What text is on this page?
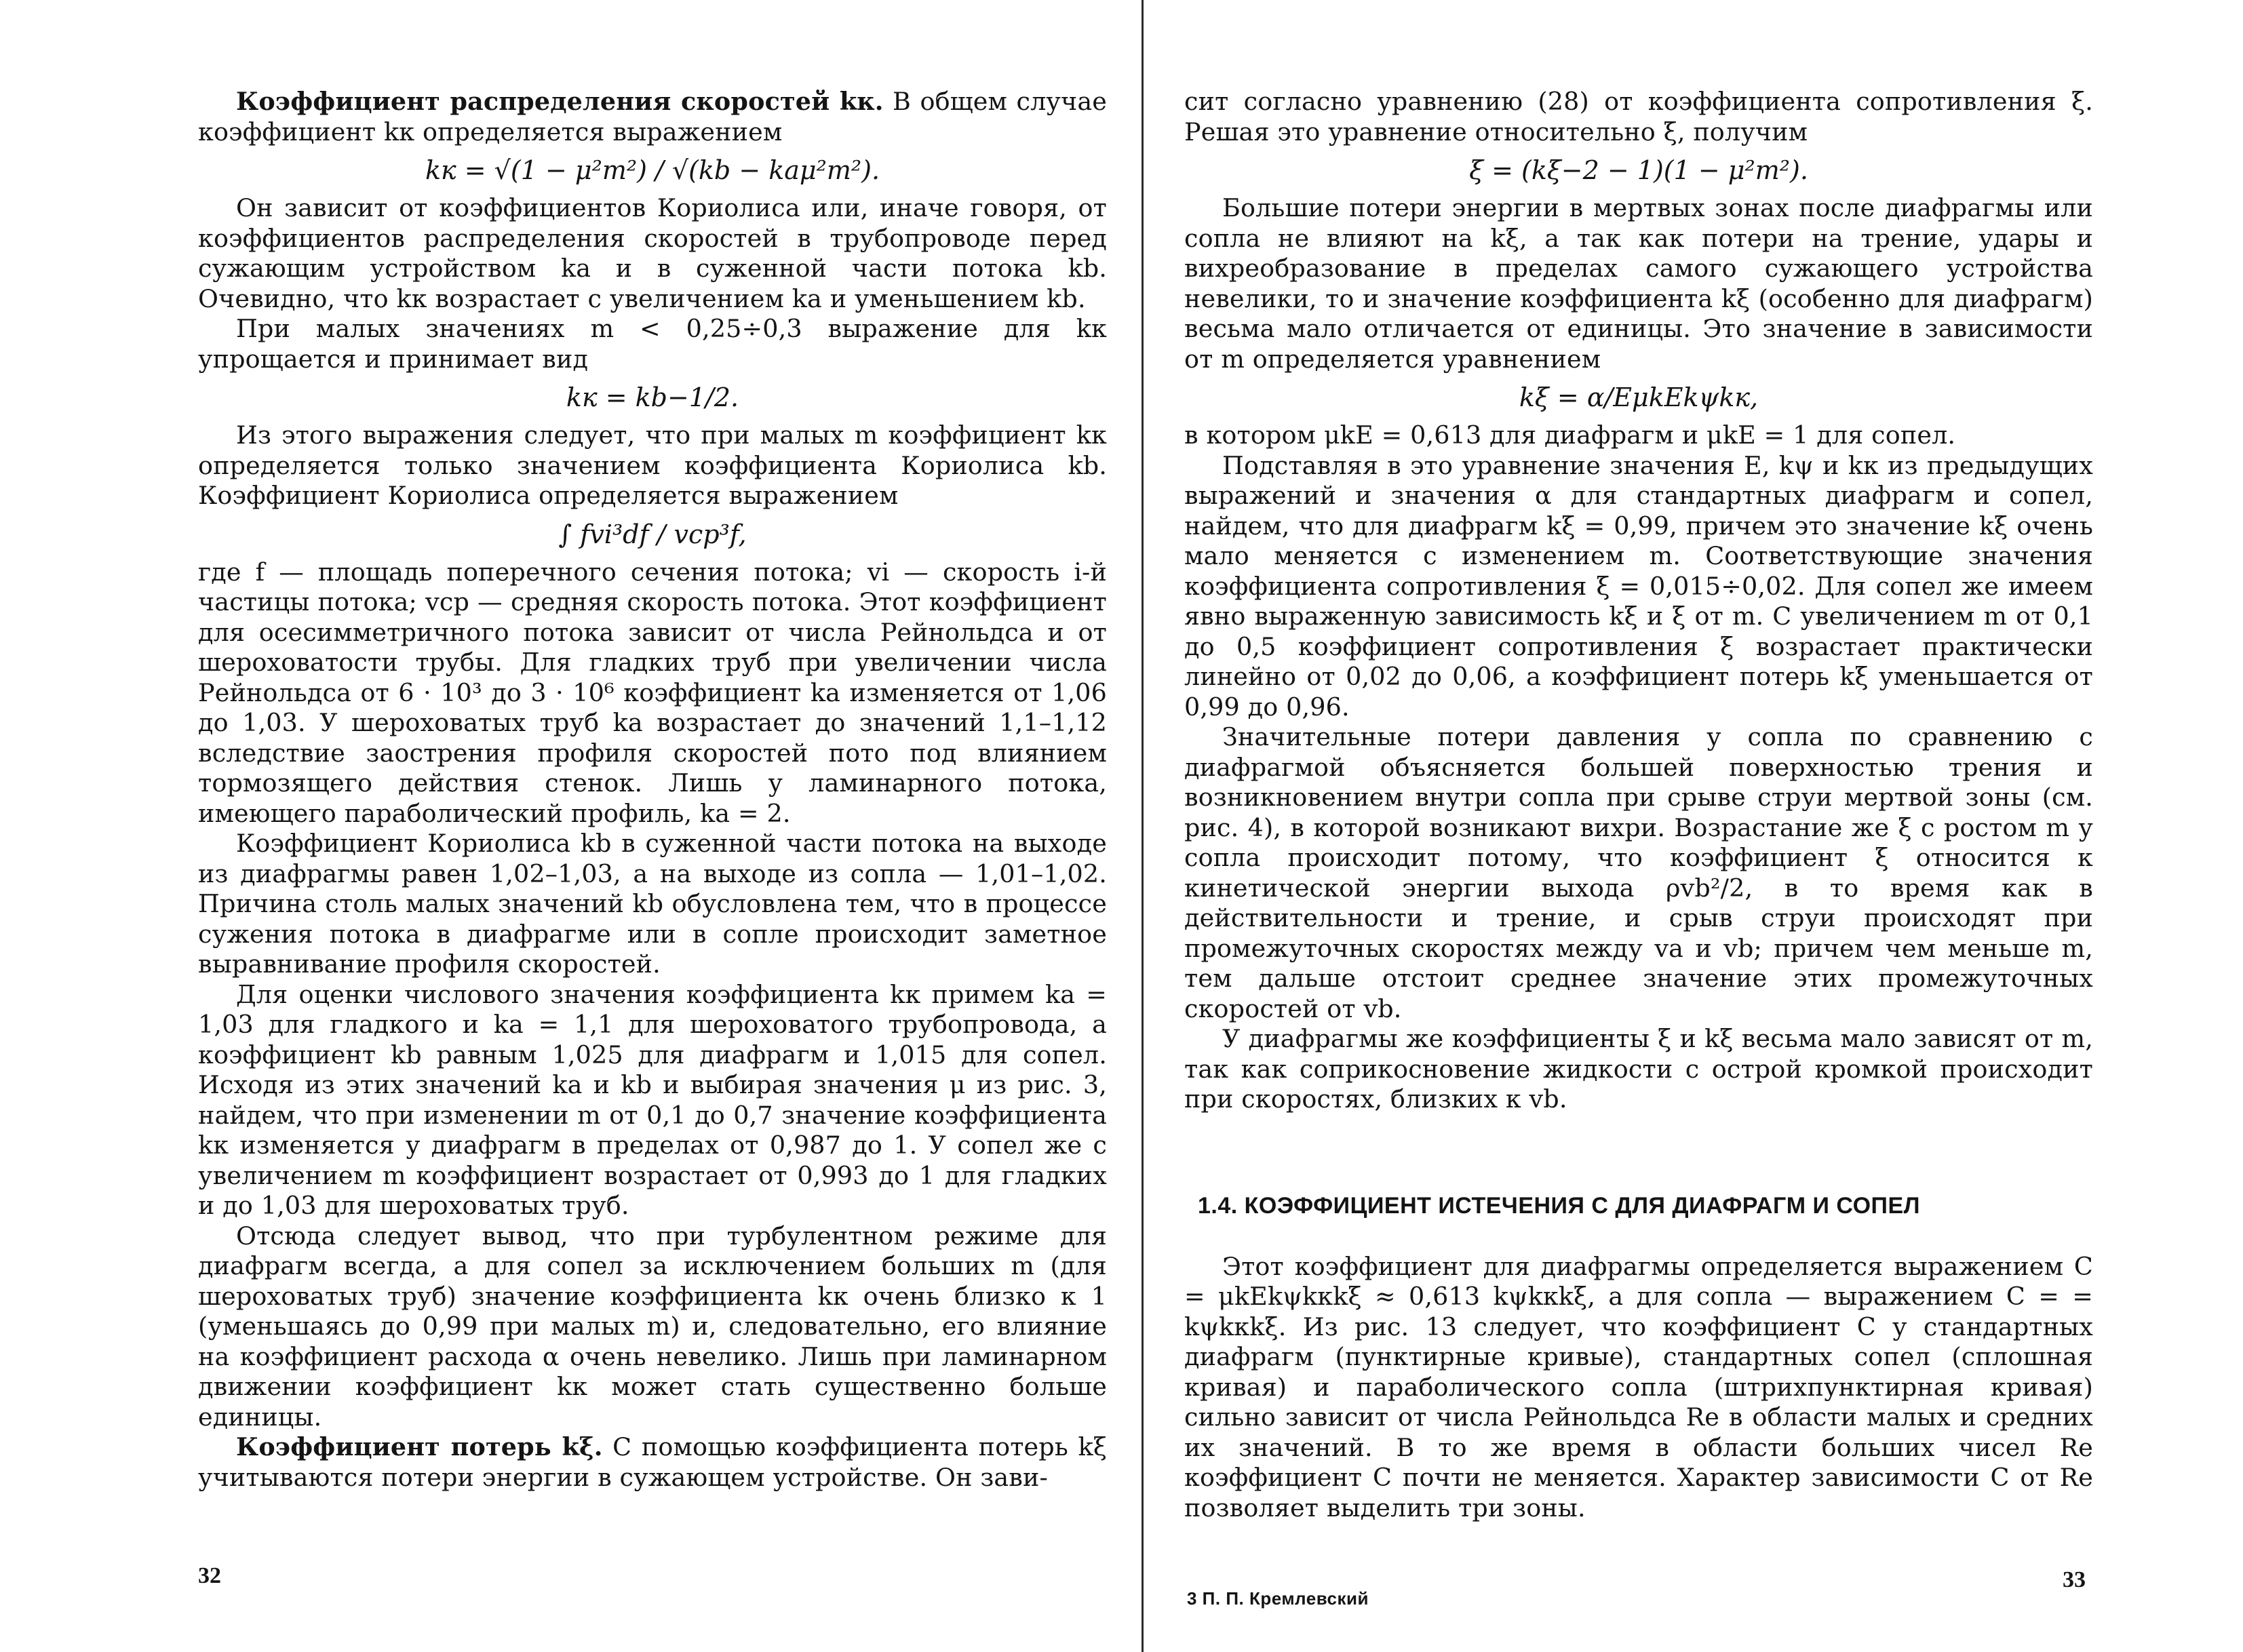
Коэффициент распределения скоростей kк. В общем случае коэффициент kк определяется выражением

kк = √(1 − μ²m²) / √(kb − kaμ²m²).

Он зависит от коэффициентов Кориолиса или, иначе говоря, от коэффициентов распределения скоростей в трубопроводе перед сужающим устройством ka и в суженной части потока kb. Очевидно, что kк возрастает с увеличением ka и уменьшением kb.

При малых значениях m < 0,25÷0,3 выражение для kк упрощается и принимает вид

kк = kb−1/2.

Из этого выражения следует, что при малых m коэффициент kк определяется только значением коэффициента Кориолиса kb. Коэффициент Кориолиса определяется выражением

∫ fvi³df / vср³f,

где f — площадь поперечного сечения потока; vi — скорость i-й частицы потока; vср — средняя скорость потока. Этот коэффициент для осесимметричного потока зависит от числа Рейнольдса и от шероховатости трубы. Для гладких труб при увеличении числа Рейнольдса от 6 · 10³ до 3 · 10⁶ коэффициент ka изменяется от 1,06 до 1,03. У шероховатых труб ka возрастает до значений 1,1–1,12 вследствие заострения профиля скоростей пото под влиянием тормозящего действия стенок. Лишь у ламинарного потока, имеющего параболический профиль, ka = 2.

Коэффициент Кориолиса kb в суженной части потока на выходе из диафрагмы равен 1,02–1,03, а на выходе из сопла — 1,01–1,02. Причина столь малых значений kb обусловлена тем, что в процессе сужения потока в диафрагме или в сопле происходит заметное выравнивание профиля скоростей.

Для оценки числового значения коэффициента kк примем ka = 1,03 для гладкого и ka = 1,1 для шероховатого трубопровода, а коэффициент kb равным 1,025 для диафрагм и 1,015 для сопел. Исходя из этих значений ka и kb и выбирая значения μ из рис. 3, найдем, что при изменении m от 0,1 до 0,7 значение коэффициента kк изменяется у диафрагм в пределах от 0,987 до 1. У сопел же с увеличением m коэффициент возрастает от 0,993 до 1 для гладких и до 1,03 для шероховатых труб.

Отсюда следует вывод, что при турбулентном режиме для диафрагм всегда, а для сопел за исключением больших m (для шероховатых труб) значение коэффициента kк очень близко к 1 (уменьшаясь до 0,99 при малых m) и, следовательно, его влияние на коэффициент расхода α очень невелико. Лишь при ламинарном движении коэффициент kк может стать существенно больше единицы.

Коэффициент потерь kξ. С помощью коэффициента потерь kξ учитываются потери энергии в сужающем устройстве. Он зави-

32

сит согласно уравнению (28) от коэффициента сопротивления ξ. Решая это уравнение относительно ξ, получим

ξ = (kξ−2 − 1)(1 − μ²m²).

Большие потери энергии в мертвых зонах после диафрагмы или сопла не влияют на kξ, а так как потери на трение, удары и вихреобразование в пределах самого сужающего устройства невелики, то и значение коэффициента kξ (особенно для диафрагм) весьма мало отличается от единицы. Это значение в зависимости от m определяется уравнением

kξ = α/EμkEkψkк,

в котором μkE = 0,613 для диафрагм и μkE = 1 для сопел.

Подставляя в это уравнение значения E, kψ и kк из предыдущих выражений и значения α для стандартных диафрагм и сопел, найдем, что для диафрагм kξ = 0,99, причем это значение kξ очень мало меняется с изменением m. Соответствующие значения коэффициента сопротивления ξ = 0,015÷0,02. Для сопел же имеем явно выраженную зависимость kξ и ξ от m. С увеличением m от 0,1 до 0,5 коэффициент сопротивления ξ возрастает практически линейно от 0,02 до 0,06, а коэффициент потерь kξ уменьшается от 0,99 до 0,96.

Значительные потери давления у сопла по сравнению с диафрагмой объясняется большей поверхностью трения и возникновением внутри сопла при срыве струи мертвой зоны (см. рис. 4), в которой возникают вихри. Возрастание же ξ с ростом m у сопла происходит потому, что коэффициент ξ относится к кинетической энергии выхода ρvb²/2, в то время как в действительности и трение, и срыв струи происходят при промежуточных скоростях между va и vb; причем чем меньше m, тем дальше отстоит среднее значение этих промежуточных скоростей от vb.

У диафрагмы же коэффициенты ξ и kξ весьма мало зависят от m, так как соприкосновение жидкости с острой кромкой происходит при скоростях, близких к vb.

1.4. КОЭФФИЦИЕНТ ИСТЕЧЕНИЯ C ДЛЯ ДИАФРАГМ И СОПЕЛ

Этот коэффициент для диафрагмы определяется выражением C = μkEkψkкkξ ≈ 0,613 kψkкkξ, а для сопла — выражением C = = kψkкkξ. Из рис. 13 следует, что коэффициент C у стандартных диафрагм (пунктирные кривые), стандартных сопел (сплошная кривая) и параболического сопла (штрихпунктирная кривая) сильно зависит от числа Рейнольдса Re в области малых и средних их значений. В то же время в области больших чисел Re коэффициент C почти не меняется. Характер зависимости C от Re позволяет выделить три зоны.

3 П. П. Кремлевский
33
